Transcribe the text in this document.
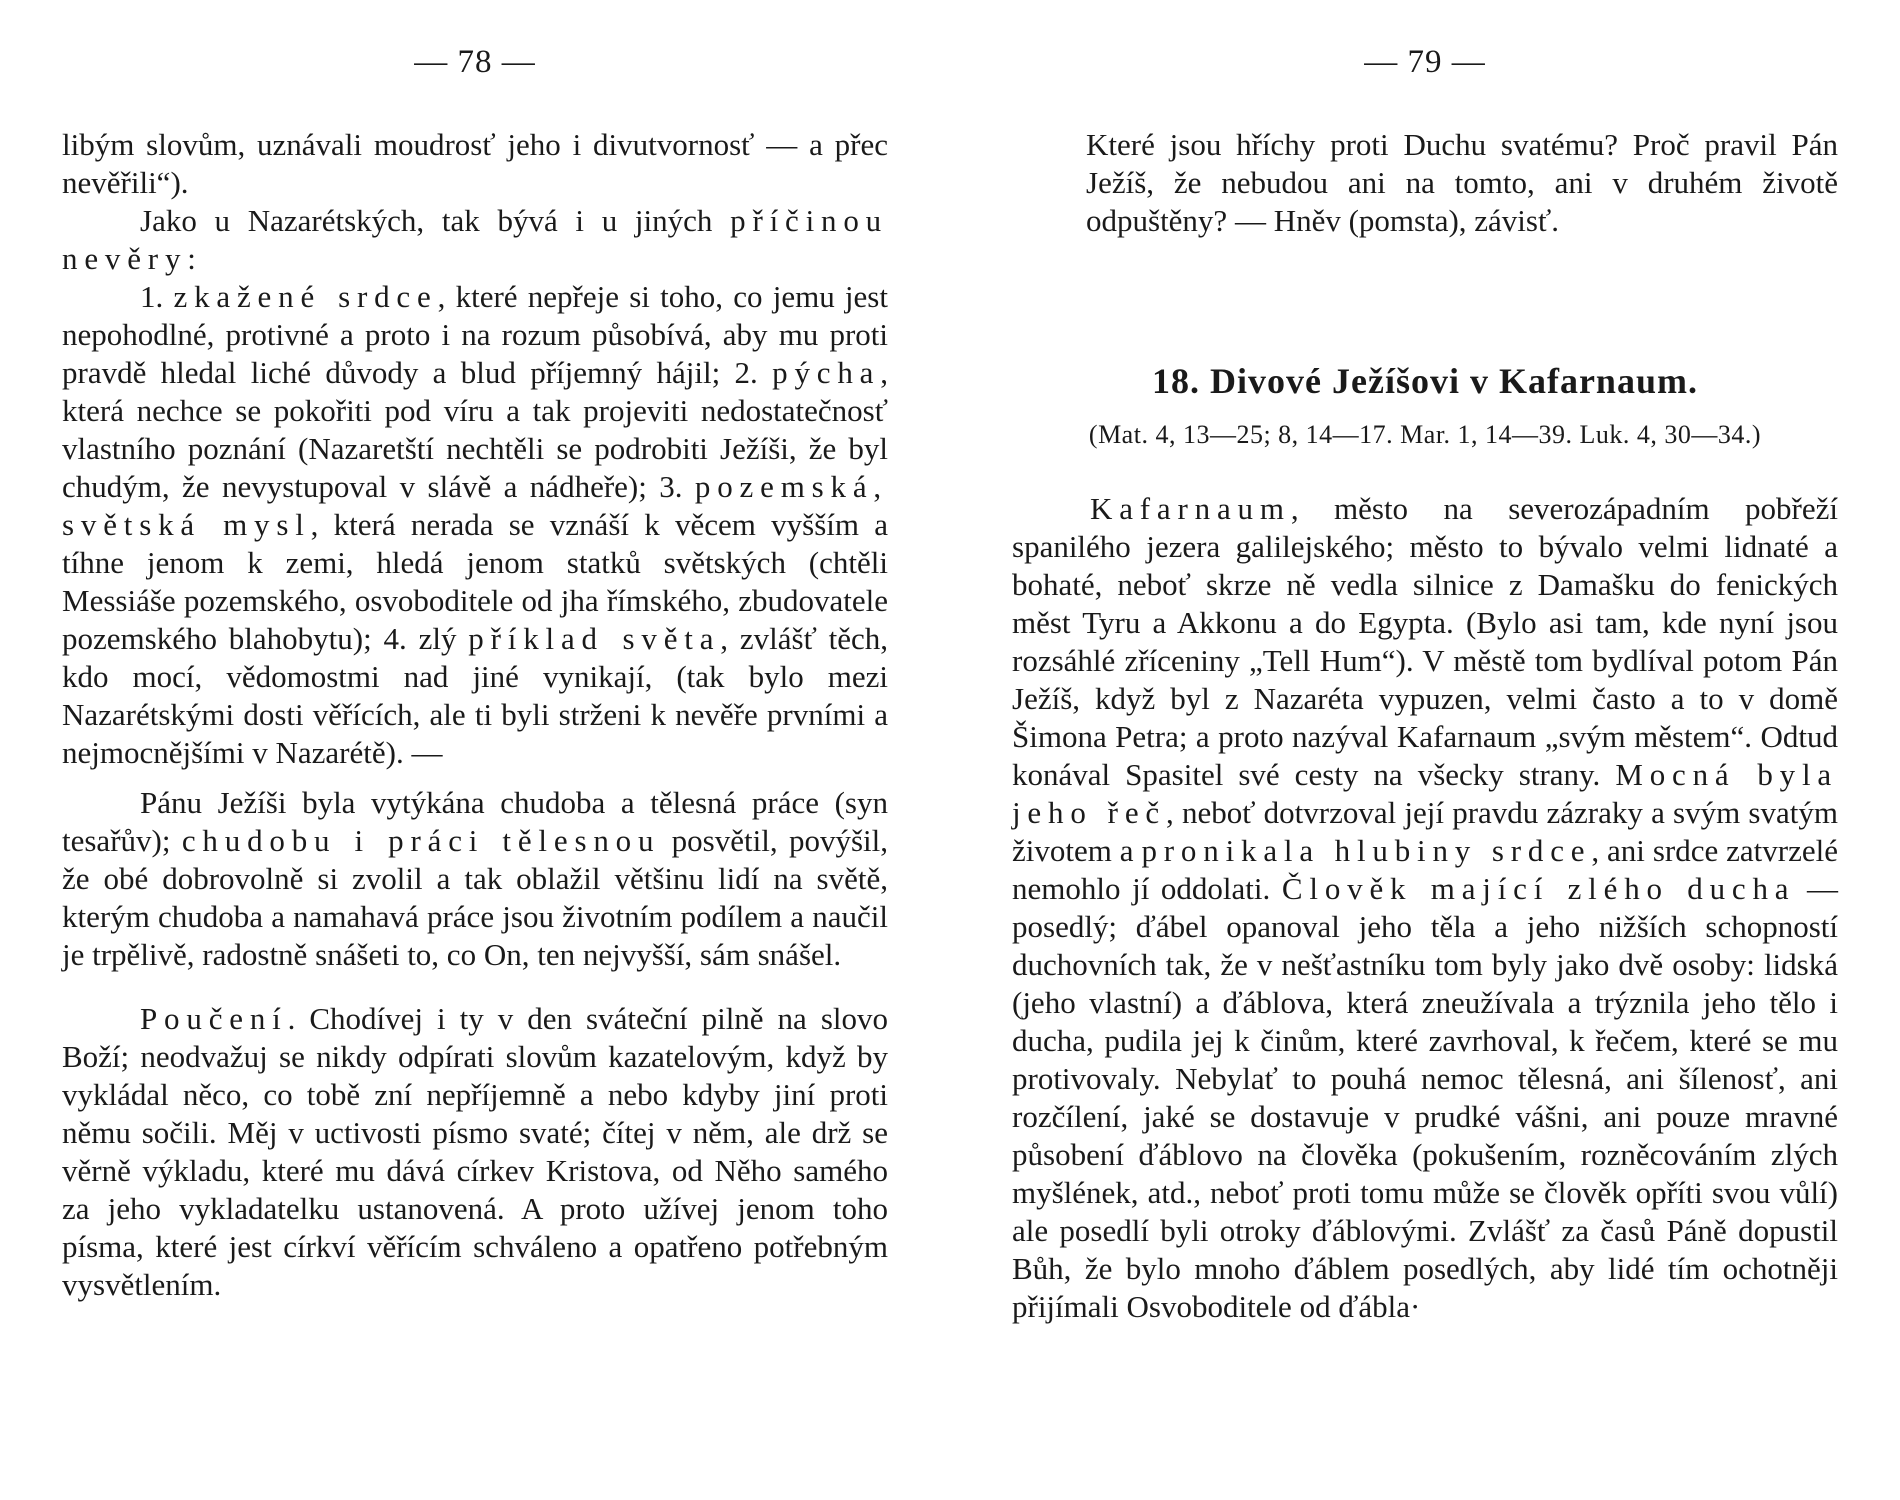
— 78 —

libým slovům, uznávali moudrosť jeho i divutvornosť — a přec nevěřili“).

Jako u Nazarétských, tak bývá i u jiných příčinou nevěry:

1. zkažené srdce, které nepřeje si toho, co jemu jest nepohodlné, protivné a proto i na rozum působívá, aby mu proti pravdě hledal liché důvody a blud příjemný hájil; 2. pýcha, která nechce se pokořiti pod víru a tak projeviti nedostatečnosť vlastního poznání (Nazaretští nechtěli se podrobiti Ježíši, že byl chudým, že nevystupoval v slávě a nádheře); 3. pozemská, světská mysl, která nerada se vznáší k věcem vyšším a tíhne jenom k zemi, hledá jenom statků světských (chtěli Messiáše pozemského, osvoboditele od jha římského, zbudovatele pozemského blahobytu); 4. zlý příklad světa, zvlášť těch, kdo mocí, vědomostmi nad jiné vynikají, (tak bylo mezi Nazarétskými dosti věřících, ale ti byli strženi k nevěře prvními a nejmocnějšími v Nazarétě). —

Pánu Ježíši byla vytýkána chudoba a tělesná práce (syn tesařův); chudobu i práci tělesnou posvětil, povýšil, že obé dobrovolně si zvolil a tak oblažil většinu lidí na světě, kterým chudoba a namahavá práce jsou životním podílem a naučil je trpělivě, radostně snášeti to, co On, ten nejvyšší, sám snášel.

Poučení. Chodívej i ty v den sváteční pilně na slovo Boží; neodvažuj se nikdy odpírati slovům kazatelovým, když by vykládal něco, co tobě zní nepříjemně a nebo kdyby jiní proti němu sočili. Měj v uctivosti písmo svaté; čítej v něm, ale drž se věrně výkladu, které mu dává církev Kristova, od Něho samého za jeho vykladatelku ustanovená. A proto užívej jenom toho písma, které jest církví věřícím schváleno a opatřeno potřebným vysvětlením.

— 79 —

Které jsou hříchy proti Duchu svatému? Proč pravil Pán Ježíš, že nebudou ani na tomto, ani v druhém životě odpuštěny? — Hněv (pomsta), závisť.

18. Divové Ježíšovi v Kafarnaum.
(Mat. 4, 13—25; 8, 14—17. Mar. 1, 14—39. Luk. 4, 30—34.)

Kafarnaum, město na severozápadním pobřeží spanilého jezera galilejského; město to bývalo velmi lidnaté a bohaté, neboť skrze ně vedla silnice z Damašku do fenických měst Tyru a Akkonu a do Egypta. (Bylo asi tam, kde nyní jsou rozsáhlé zříceniny „Tell Hum“). V městě tom bydlíval potom Pán Ježíš, když byl z Nazaréta vypuzen, velmi často a to v domě Šimona Petra; a proto nazýval Kafarnaum „svým městem“. Odtud konával Spasitel své cesty na všecky strany. Mocná byla jeho řeč, neboť dotvrzoval její pravdu zázraky a svým svatým životem a pronikala hlubiny srdce, ani srdce zatvrzelé nemohlo jí oddolati. Člověk mající zlého ducha — posedlý; ďábel opanoval jeho těla a jeho nižších schopností duchovních tak, že v nešťastníku tom byly jako dvě osoby: lidská (jeho vlastní) a ďáblova, která zneužívala a trýznila jeho tělo i ducha, pudila jej k činům, které zavrhoval, k řečem, které se mu protivovaly. Nebylať to pouhá nemoc tělesná, ani šílenosť, ani rozčílení, jaké se dostavuje v prudké vášni, ani pouze mravné působení ďáblovo na člověka (pokušením, rozněcováním zlých myšlének, atd., neboť proti tomu může se člověk opříti svou vůlí) ale posedlí byli otroky ďáblovými. Zvlášť za časů Páně dopustil Bůh, že bylo mnoho ďáblem posedlých, aby lidé tím ochotněji přijímali Osvoboditele od ďábla·
